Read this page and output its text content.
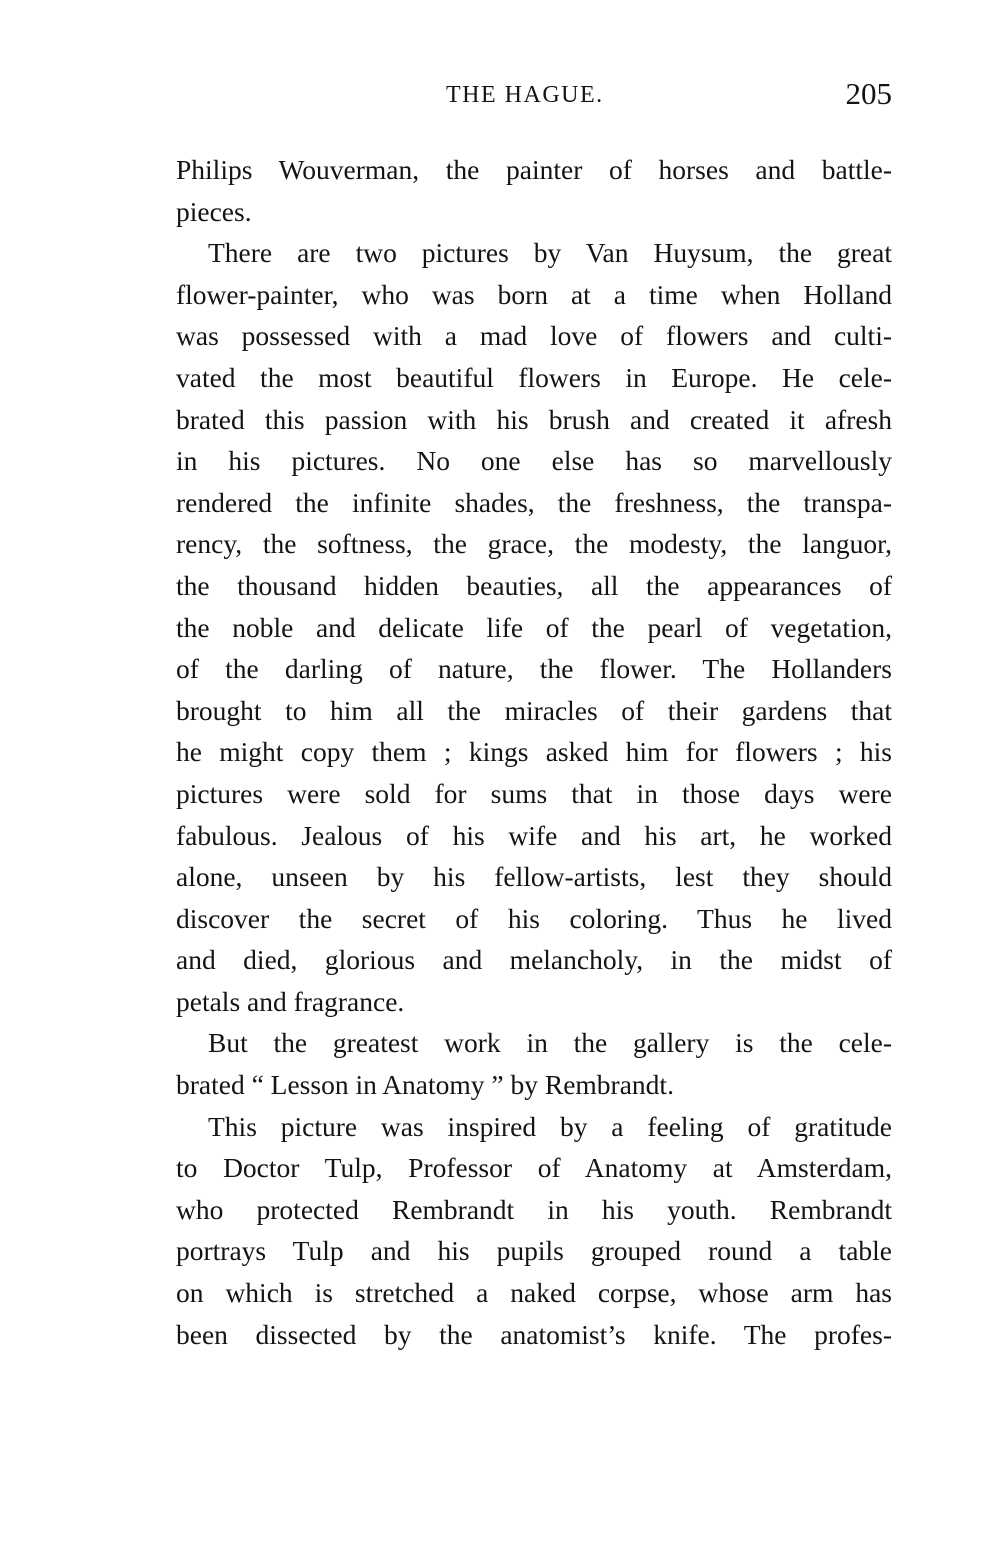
THE HAGUE.	205
Philips Wouverman, the painter of horses and battle-
pieces.
There are two pictures by Van Huysum, the great
flower-painter, who was born at a time when Holland
was possessed with a mad love of flowers and culti-
vated the most beautiful flowers in Europe. He cele-
brated this passion with his brush and created it afresh
in his pictures. No one else has so marvellously
rendered the infinite shades, the freshness, the transpa-
rency, the softness, the grace, the modesty, the languor,
the thousand hidden beauties, all the appearances of
the noble and delicate life of the pearl of vegetation,
of the darling of nature, the flower. The Hollanders
brought to him all the miracles of their gardens that
he might copy them ; kings asked him for flowers ; his
pictures were sold for sums that in those days were
fabulous. Jealous of his wife and his art, he worked
alone, unseen by his fellow-artists, lest they should
discover the secret of his coloring. Thus he lived
and died, glorious and melancholy, in the midst of
petals and fragrance.
But the greatest work in the gallery is the cele-
brated “ Lesson in Anatomy ” by Rembrandt.
This picture was inspired by a feeling of gratitude
to Doctor Tulp, Professor of Anatomy at Amsterdam,
who protected Rembrandt in his youth. Rembrandt
portrays Tulp and his pupils grouped round a table
on which is stretched a naked corpse, whose arm has
been dissected by the anatomist’s knife. The profes-
